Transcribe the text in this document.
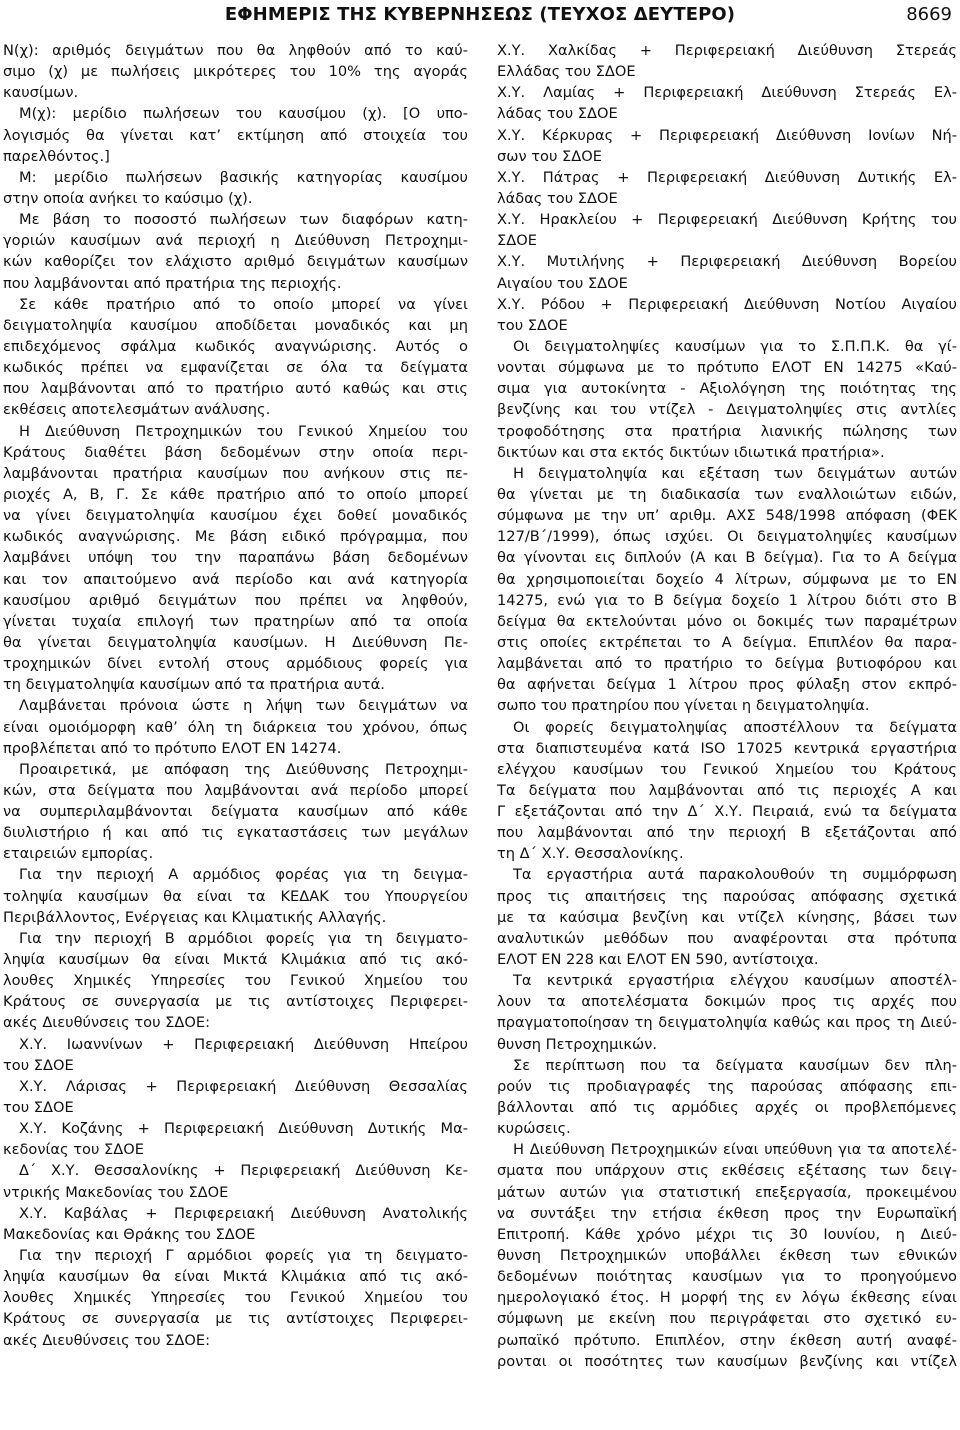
ΕΦΗΜΕΡΙΣ ΤΗΣ ΚΥΒΕΡΝΗΣΕΩΣ (ΤΕΥΧΟΣ ΔΕΥΤΕΡΟ)	8669
Ν(χ): αριθμός δειγμάτων που θα ληφθούν από το καύ-
σιμο (χ) με πωλήσεις μικρότερες του 10% της αγοράς
καυσίμων.
Μ(χ): μερίδιο πωλήσεων του καυσίμου (χ). [Ο υπο-
λογισμός θα γίνεται κατ’ εκτίμηση από στοιχεία του
παρελθόντος.]
Μ: μερίδιο πωλήσεων βασικής κατηγορίας καυσίμου
στην οποία ανήκει το καύσιμο (χ).
Με βάση το ποσοστό πωλήσεων των διαφόρων κατη-
γοριών καυσίμων ανά περιοχή η Διεύθυνση Πετροχημι-
κών καθορίζει τον ελάχιστο αριθμό δειγμάτων καυσίμων
που λαμβάνονται από πρατήρια της περιοχής.
Σε κάθε πρατήριο από το οποίο μπορεί να γίνει
δειγματοληψία καυσίμου αποδίδεται μοναδικός και μη
επιδεχόμενος σφάλμα κωδικός αναγνώρισης. Αυτός ο
κωδικός πρέπει να εμφανίζεται σε όλα τα δείγματα
που λαμβάνονται από το πρατήριο αυτό καθώς και στις
εκθέσεις αποτελεσμάτων ανάλυσης.
Η Διεύθυνση Πετροχημικών του Γενικού Χημείου του
Κράτους διαθέτει βάση δεδομένων στην οποία περι-
λαμβάνονται πρατήρια καυσίμων που ανήκουν στις πε-
ριοχές Α, Β, Γ. Σε κάθε πρατήριο από το οποίο μπορεί
να γίνει δειγματοληψία καυσίμου έχει δοθεί μοναδικός
κωδικός αναγνώρισης. Με βάση ειδικό πρόγραμμα, που
λαμβάνει υπόψη του την παραπάνω βάση δεδομένων
και τον απαιτούμενο ανά περίοδο και ανά κατηγορία
καυσίμου αριθμό δειγμάτων που πρέπει να ληφθούν,
γίνεται τυχαία επιλογή των πρατηρίων από τα οποία
θα γίνεται δειγματοληψία καυσίμων. Η Διεύθυνση Πε-
τροχημικών δίνει εντολή στους αρμόδιους φορείς για
τη δειγματοληψία καυσίμων από τα πρατήρια αυτά.
Λαμβάνεται πρόνοια ώστε η λήψη των δειγμάτων να
είναι ομοιόμορφη καθ’ όλη τη διάρκεια του χρόνου, όπως
προβλέπεται από το πρότυπο ΕΛΟΤ ΕΝ 14274.
Προαιρετικά, με απόφαση της Διεύθυνσης Πετροχημι-
κών, στα δείγματα που λαμβάνονται ανά περίοδο μπορεί
να συμπεριλαμβάνονται δείγματα καυσίμων από κάθε
διυλιστήριο ή και από τις εγκαταστάσεις των μεγάλων
εταιρειών εμπορίας.
Για την περιοχή Α αρμόδιος φορέας για τη δειγμα-
τοληψία καυσίμων θα είναι τα ΚΕΔΑΚ του Υπουργείου
Περιβάλλοντος, Ενέργειας και Κλιματικής Αλλαγής.
Για την περιοχή Β αρμόδιοι φορείς για τη δειγματο-
ληψία καυσίμων θα είναι Μικτά Κλιμάκια από τις ακό-
λουθες Χημικές Υπηρεσίες του Γενικού Χημείου του
Κράτους σε συνεργασία με τις αντίστοιχες Περιφερει-
ακές Διευθύνσεις του ΣΔΟΕ:
Χ.Υ. Ιωαννίνων + Περιφερειακή Διεύθυνση Ηπείρου
του ΣΔΟΕ
Χ.Υ. Λάρισας + Περιφερειακή Διεύθυνση Θεσσαλίας
του ΣΔΟΕ
Χ.Υ. Κοζάνης + Περιφερειακή Διεύθυνση Δυτικής Μα-
κεδονίας του ΣΔΟΕ
Δ΄ Χ.Υ. Θεσσαλονίκης + Περιφερειακή Διεύθυνση Κε-
ντρικής Μακεδονίας του ΣΔΟΕ
Χ.Υ. Καβάλας + Περιφερειακή Διεύθυνση Ανατολικής
Μακεδονίας και Θράκης του ΣΔΟΕ
Για την περιοχή Γ αρμόδιοι φορείς για τη δειγματο-
ληψία καυσίμων θα είναι Μικτά Κλιμάκια από τις ακό-
λουθες Χημικές Υπηρεσίες του Γενικού Χημείου του
Κράτους σε συνεργασία με τις αντίστοιχες Περιφερει-
ακές Διευθύνσεις του ΣΔΟΕ:
Χ.Υ. Χαλκίδας + Περιφερειακή Διεύθυνση Στερεάς
Ελλάδας του ΣΔΟΕ
Χ.Υ. Λαμίας + Περιφερειακή Διεύθυνση Στερεάς Ελ-
λάδας του ΣΔΟΕ
Χ.Υ. Κέρκυρας + Περιφερειακή Διεύθυνση Ιονίων Νή-
σων του ΣΔΟΕ
Χ.Υ. Πάτρας + Περιφερειακή Διεύθυνση Δυτικής Ελ-
λάδας του ΣΔΟΕ
Χ.Υ. Ηρακλείου + Περιφερειακή Διεύθυνση Κρήτης του
ΣΔΟΕ
Χ.Υ. Μυτιλήνης + Περιφερειακή Διεύθυνση Βορείου
Αιγαίου του ΣΔΟΕ
Χ.Υ. Ρόδου + Περιφερειακή Διεύθυνση Νοτίου Αιγαίου
του ΣΔΟΕ
Οι δειγματοληψίες καυσίμων για το Σ.Π.Π.Κ. θα γί-
νονται σύμφωνα με το πρότυπο ΕΛΟΤ ΕΝ 14275 «Καύ-
σιμα για αυτοκίνητα - Αξιολόγηση της ποιότητας της
βενζίνης και του ντίζελ - Δειγματοληψίες στις αντλίες
τροφοδότησης στα πρατήρια λιανικής πώλησης των
δικτύων και στα εκτός δικτύων ιδιωτικά πρατήρια».
Η δειγματοληψία και εξέταση των δειγμάτων αυτών
θα γίνεται με τη διαδικασία των εναλλοιώτων ειδών,
σύμφωνα με την υπ’ αριθμ. ΑΧΣ 548/1998 απόφαση (ΦΕΚ
127/Β΄/1999), όπως ισχύει. Οι δειγματοληψίες καυσίμων
θα γίνονται εις διπλούν (Α και Β δείγμα). Για το Α δείγμα
θα χρησιμοποιείται δοχείο 4 λίτρων, σύμφωνα με το ΕΝ
14275, ενώ για το Β δείγμα δοχείο 1 λίτρου διότι στο Β
δείγμα θα εκτελούνται μόνο οι δοκιμές των παραμέτρων
στις οποίες εκτρέπεται το Α δείγμα. Επιπλέον θα παρα-
λαμβάνεται από το πρατήριο το δείγμα βυτιοφόρου και
θα αφήνεται δείγμα 1 λίτρου προς φύλαξη στον εκπρό-
σωπο του πρατηρίου που γίνεται η δειγματοληψία.
Οι φορείς δειγματοληψίας αποστέλλουν τα δείγματα
στα διαπιστευμένα κατά ISO 17025 κεντρικά εργαστήρια
ελέγχου καυσίμων του Γενικού Χημείου του Κράτους
Τα δείγματα που λαμβάνονται από τις περιοχές Α και
Γ εξετάζονται από την Δ΄ Χ.Υ. Πειραιά, ενώ τα δείγματα
που λαμβάνονται από την περιοχή Β εξετάζονται από
τη Δ΄ Χ.Υ. Θεσσαλονίκης.
Τα εργαστήρια αυτά παρακολουθούν τη συμμόρφωση
προς τις απαιτήσεις της παρούσας απόφασης σχετικά
με τα καύσιμα βενζίνη και ντίζελ κίνησης, βάσει των
αναλυτικών μεθόδων που αναφέρονται στα πρότυπα
ΕΛΟΤ ΕΝ 228 και ΕΛΟΤ ΕΝ 590, αντίστοιχα.
Τα κεντρικά εργαστήρια ελέγχου καυσίμων αποστέλ-
λουν τα αποτελέσματα δοκιμών προς τις αρχές που
πραγματοποίησαν τη δειγματοληψία καθώς και προς τη Διεύ-
θυνση Πετροχημικών.
Σε περίπτωση που τα δείγματα καυσίμων δεν πλη-
ρούν τις προδιαγραφές της παρούσας απόφασης επι-
βάλλονται από τις αρμόδιες αρχές οι προβλεπόμενες
κυρώσεις.
Η Διεύθυνση Πετροχημικών είναι υπεύθυνη για τα αποτελέ-
σματα που υπάρχουν στις εκθέσεις εξέτασης των δειγ-
μάτων αυτών για στατιστική επεξεργασία, προκειμένου
να συντάξει την ετήσια έκθεση προς την Ευρωπαϊκή
Επιτροπή. Κάθε χρόνο μέχρι τις 30 Ιουνίου, η Διεύ-
θυνση Πετροχημικών υποβάλλει έκθεση των εθνικών
δεδομένων ποιότητας καυσίμων για το προηγούμενο
ημερολογιακό έτος. Η μορφή της εν λόγω έκθεσης είναι
σύμφωνη με εκείνη που περιγράφεται στο σχετικό ευ-
ρωπαϊκό πρότυπο. Επιπλέον, στην έκθεση αυτή αναφέ-
ρονται οι ποσότητες των καυσίμων βενζίνης και ντίζελ
